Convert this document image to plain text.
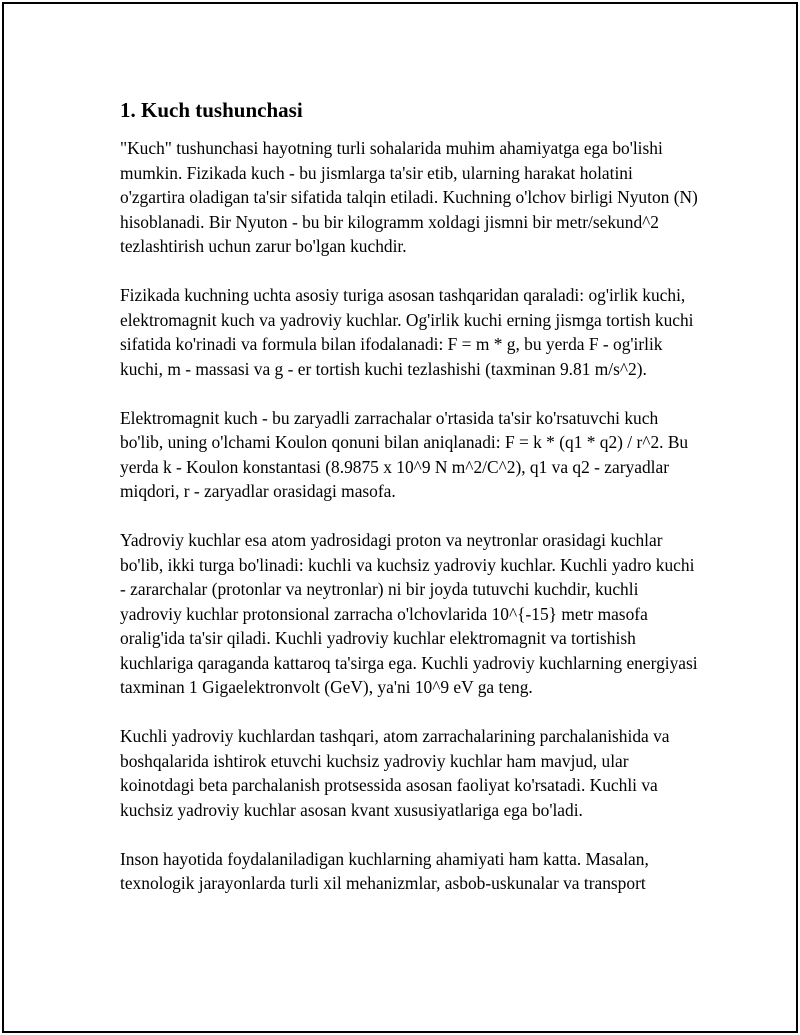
1. Kuch tushunchasi

"Kuch" tushunchasi hayotning turli sohalarida muhim ahamiyatga ega bo'lishi mumkin. Fizikada kuch - bu jismlarga ta'sir etib, ularning harakat holatini o'zgartira oladigan ta'sir sifatida talqin etiladi. Kuchning o'lchov birligi Nyuton (N) hisoblanadi. Bir Nyuton - bu bir kilogramm xoldagi jismni bir metr/sekund^2 tezlashtirish uchun zarur bo'lgan kuchdir.

Fizikada kuchning uchta asosiy turiga asosan tashqaridan qaraladi: og'irlik kuchi, elektromagnit kuch va yadroviy kuchlar. Og'irlik kuchi erning jismga tortish kuchi sifatida ko'rinadi va formula bilan ifodalanadi: F = m * g, bu yerda F - og'irlik kuchi, m - massasi va g - er tortish kuchi tezlashishi (taxminan 9.81 m/s^2).

Elektromagnit kuch - bu zaryadli zarrachalar o'rtasida ta'sir ko'rsatuvchi kuch bo'lib, uning o'lchami Koulon qonuni bilan aniqlanadi: F = k * (q1 * q2) / r^2. Bu yerda k - Koulon konstantasi (8.9875 x 10^9 N m^2/C^2), q1 va q2 - zaryadlar miqdori, r - zaryadlar orasidagi masofa.

Yadroviy kuchlar esa atom yadrosidagi proton va neytronlar orasidagi kuchlar bo'lib, ikki turga bo'linadi: kuchli va kuchsiz yadroviy kuchlar. Kuchli yadro kuchi - zararchalar (protonlar va neytronlar) ni bir joyda tutuvchi kuchdir, kuchli yadroviy kuchlar protonsional zarracha o'lchovlarida 10^{-15} metr masofa oralig'ida ta'sir qiladi. Kuchli yadroviy kuchlar elektromagnit va tortishish kuchlariga qaraganda kattaroq ta'sirga ega. Kuchli yadroviy kuchlarning energiyasi taxminan 1 Gigaelektronvolt (GeV), ya'ni 10^9 eV ga teng.

Kuchli yadroviy kuchlardan tashqari, atom zarrachalarining parchalanishida va boshqalarida ishtirok etuvchi kuchsiz yadroviy kuchlar ham mavjud, ular koinotdagi beta parchalanish protsessida asosan faoliyat ko'rsatadi. Kuchli va kuchsiz yadroviy kuchlar asosan kvant xususiyatlariga ega bo'ladi.

Inson hayotida foydalaniladigan kuchlarning ahamiyati ham katta. Masalan, texnologik jarayonlarda turli xil mehanizmlar, asbob-uskunalar va transport
